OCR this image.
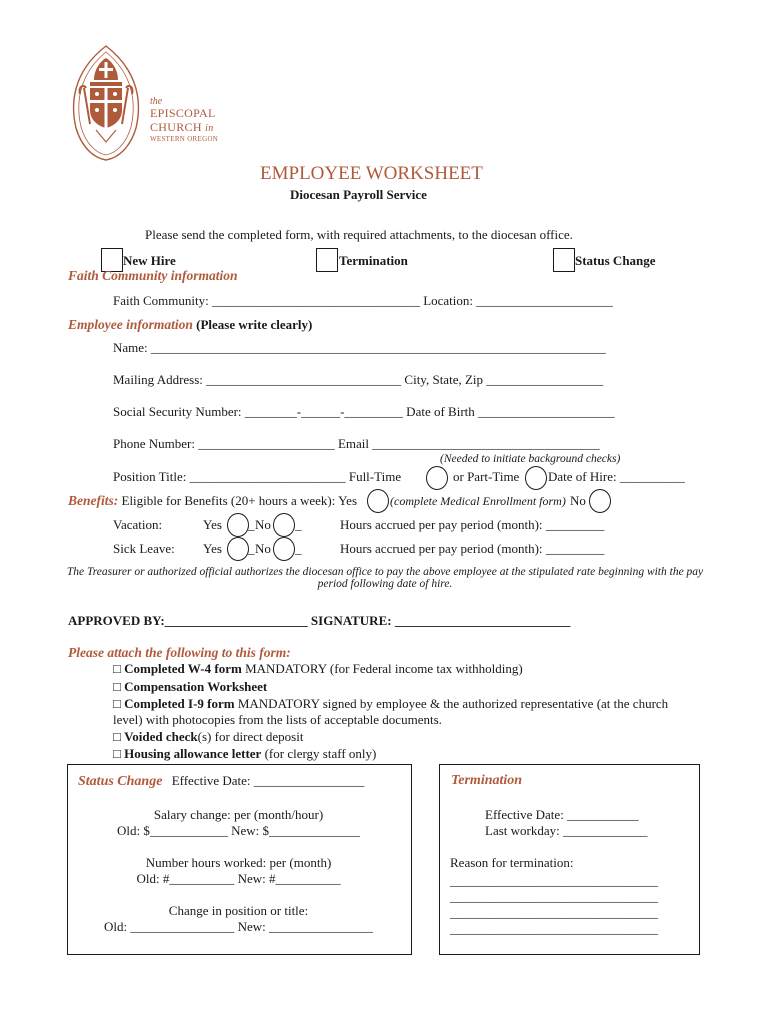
the
EPISCOPAL
CHURCH in
WESTERN OREGON
EMPLOYEE WORKSHEET
Diocesan Payroll Service
Please send the completed form, with required attachments, to the diocesan office.
New Hire	Termination	Status Change
Faith Community information
Faith Community: ________________________________ Location: _____________________
Employee information (Please write clearly)
Name: ______________________________________________________________________
Mailing Address: ______________________________ City, State, Zip __________________
Social Security Number: ________-______-_________ Date of Birth _____________________
Phone Number: _____________________ Email ___________________________________
(Needed to initiate background checks)
Position Title: ________________________ Full-Time	or Part-Time Date of Hire: __________
Benefits: Eligible for Benefits (20+ hours a week): Yes	(complete Medical Enrollment form) No
Vacation:	Yes _ No _	Hours accrued per pay period (month): _________
Sick Leave: Yes _ No _	Hours accrued per pay period (month): _________
The Treasurer or authorized official authorizes the diocesan office to pay the above employee at the stipulated rate beginning with the pay
period following date of hire.
APPROVED BY:______________________ SIGNATURE: ___________________________
Please attach the following to this form:
□ Completed W-4 form MANDATORY (for Federal income tax withholding)
□ Compensation Worksheet
□ Completed I-9 form MANDATORY signed by employee & the authorized representative (at the church
level) with photocopies from the lists of acceptable documents.
□ Voided check(s) for direct deposit
□ Housing allowance letter (for clergy staff only)
Status Change Effective Date: _________________
Salary change: per (month/hour)
Old: $____________ New: $______________
Number hours worked: per (month)
Old: #__________ New: #__________
Change in position or title:
Old: ________________ New: ________________
Termination
Effective Date: ___________
Last workday: _____________
Reason for termination:
________________________________
________________________________
________________________________
________________________________
